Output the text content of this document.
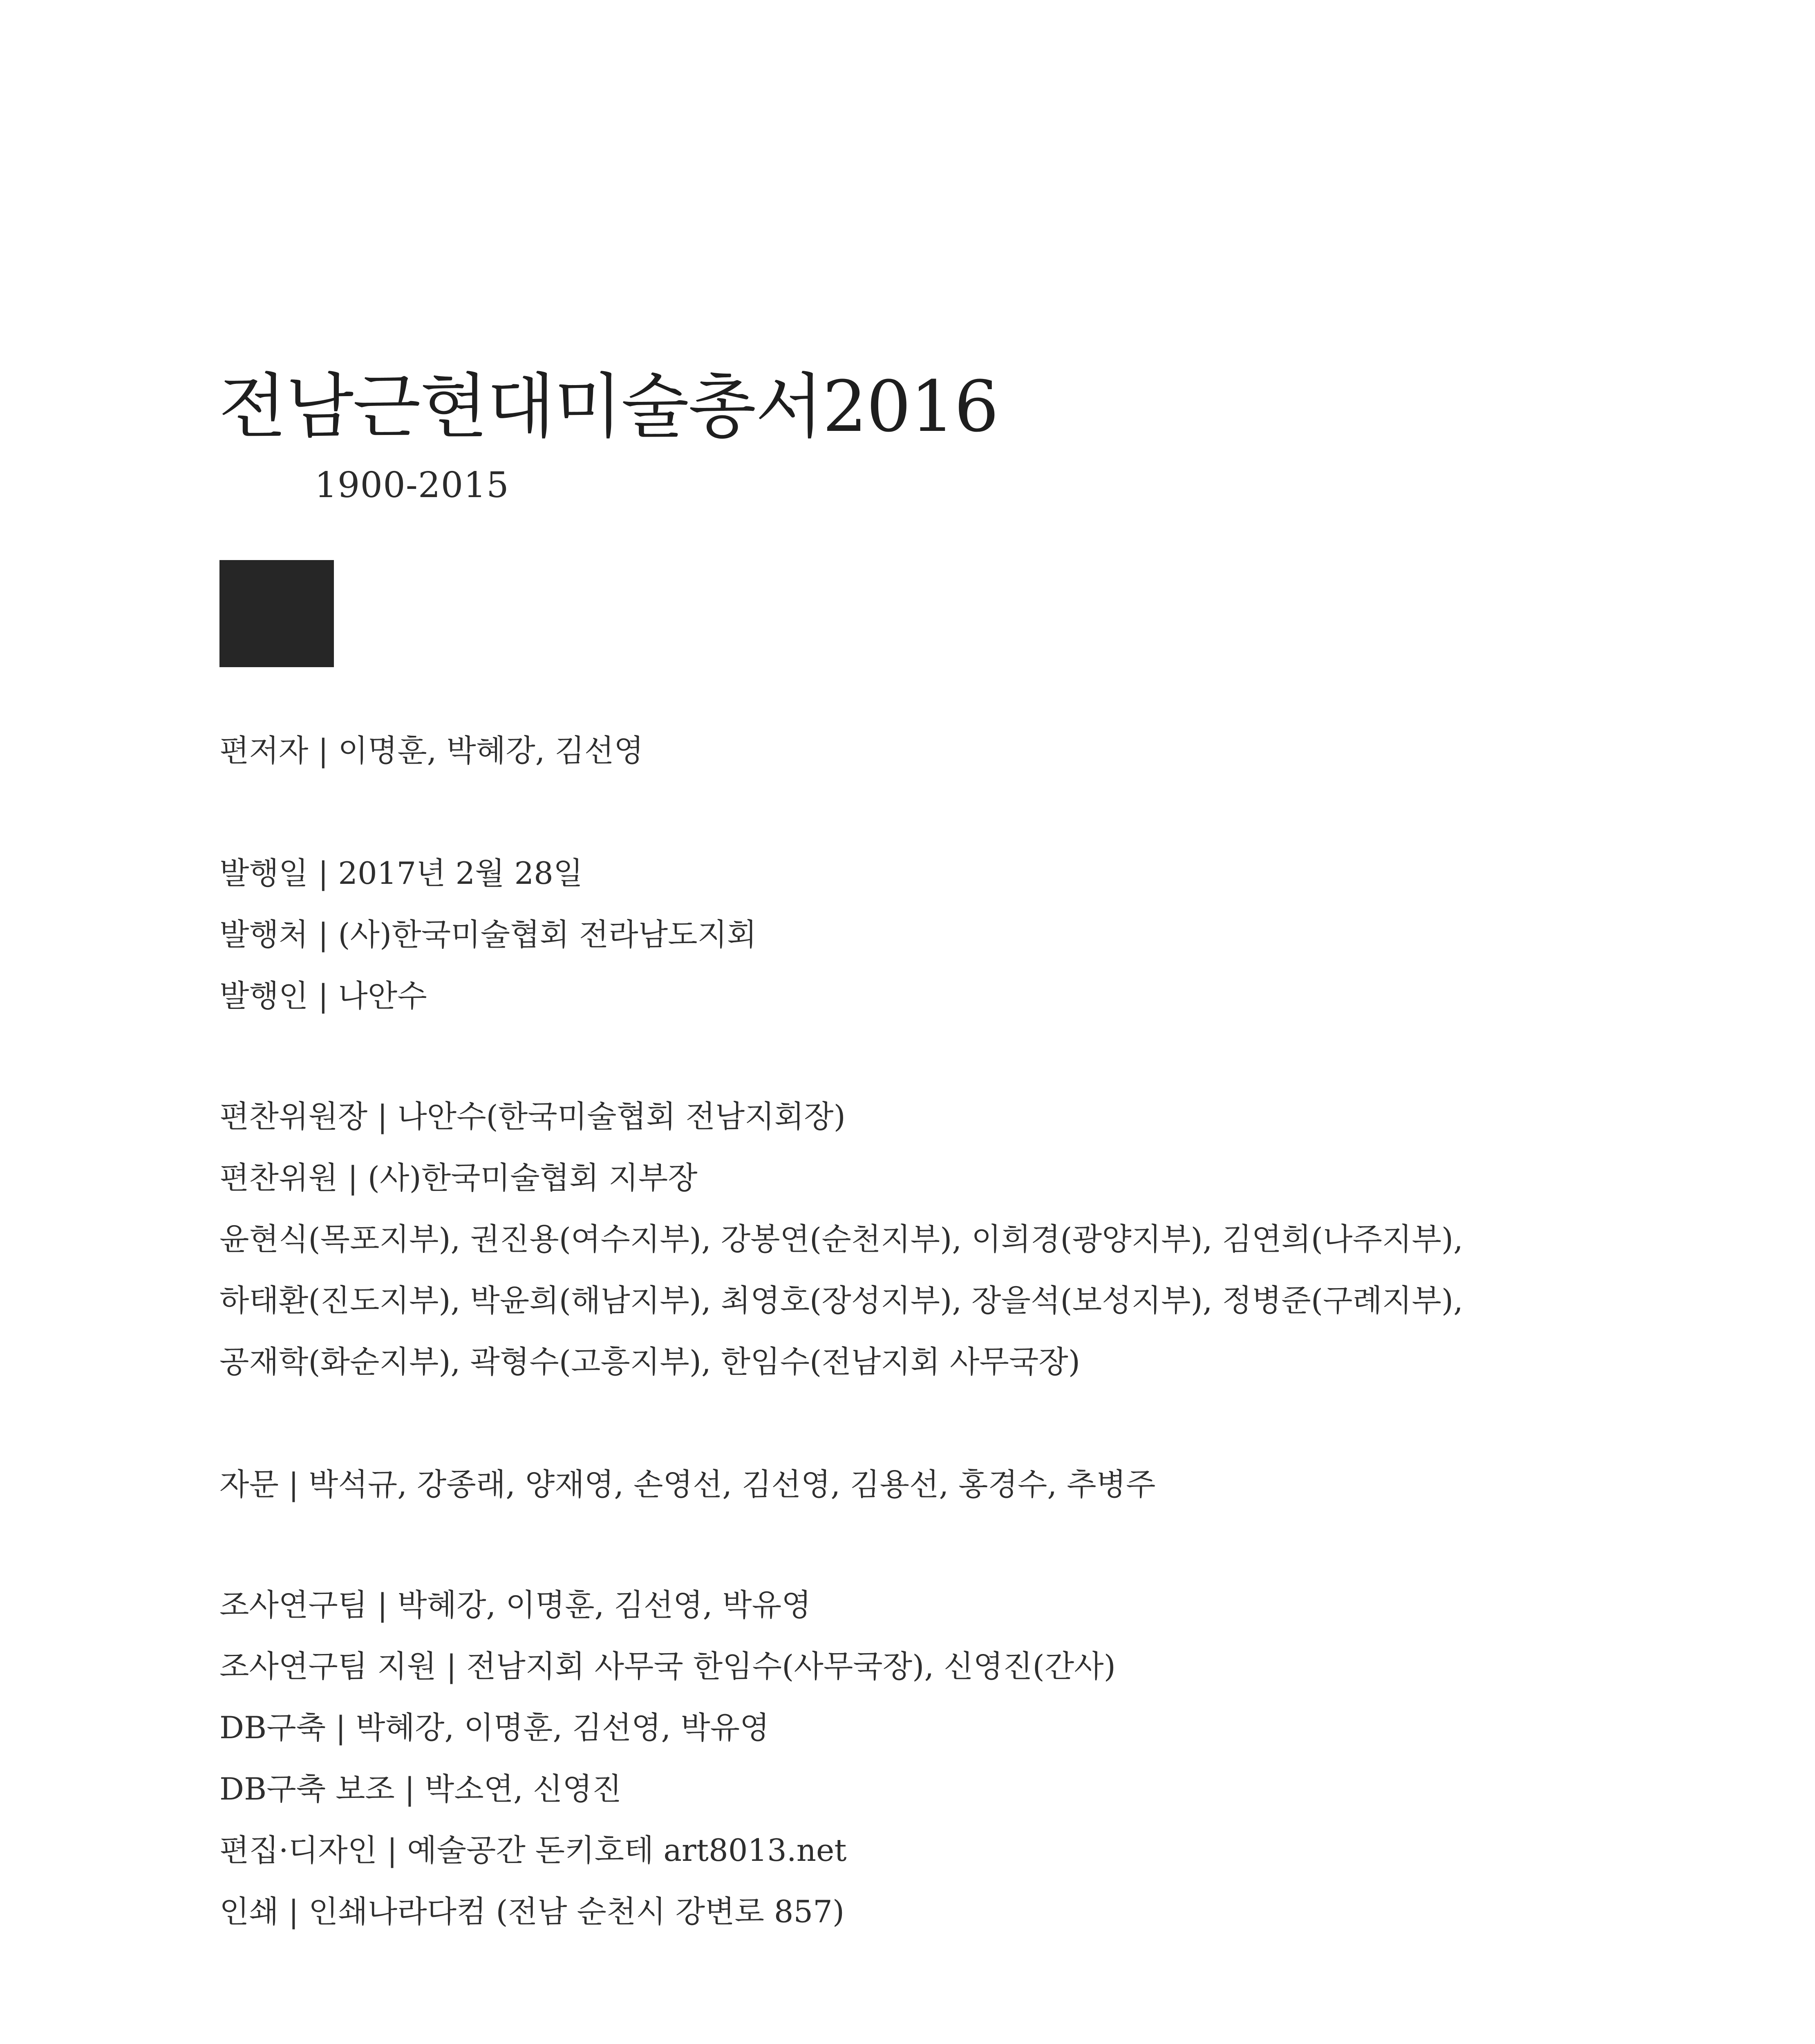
전남근현대미술총서2016
1900-2015
편저자 | 이명훈, 박혜강, 김선영
발행일 | 2017년 2월 28일
발행처 | (사)한국미술협회 전라남도지회
발행인 | 나안수
편찬위원장 | 나안수(한국미술협회 전남지회장)
편찬위원 | (사)한국미술협회 지부장
윤현식(목포지부), 권진용(여수지부), 강봉연(순천지부), 이희경(광양지부), 김연희(나주지부),
하태환(진도지부), 박윤희(해남지부), 최영호(장성지부), 장을석(보성지부), 정병준(구례지부),
공재학(화순지부), 곽형수(고흥지부), 한임수(전남지회 사무국장)
자문 | 박석규, 강종래, 양재영, 손영선, 김선영, 김용선, 홍경수, 추병주
조사연구팀 | 박혜강, 이명훈, 김선영, 박유영
조사연구팀 지원 | 전남지회 사무국 한임수(사무국장), 신영진(간사)
DB구축 | 박혜강, 이명훈, 김선영, 박유영
DB구축 보조 | 박소연, 신영진
편집·디자인 | 예술공간 돈키호테 art8013.net
인쇄 | 인쇄나라다컴 (전남 순천시 강변로 857)
